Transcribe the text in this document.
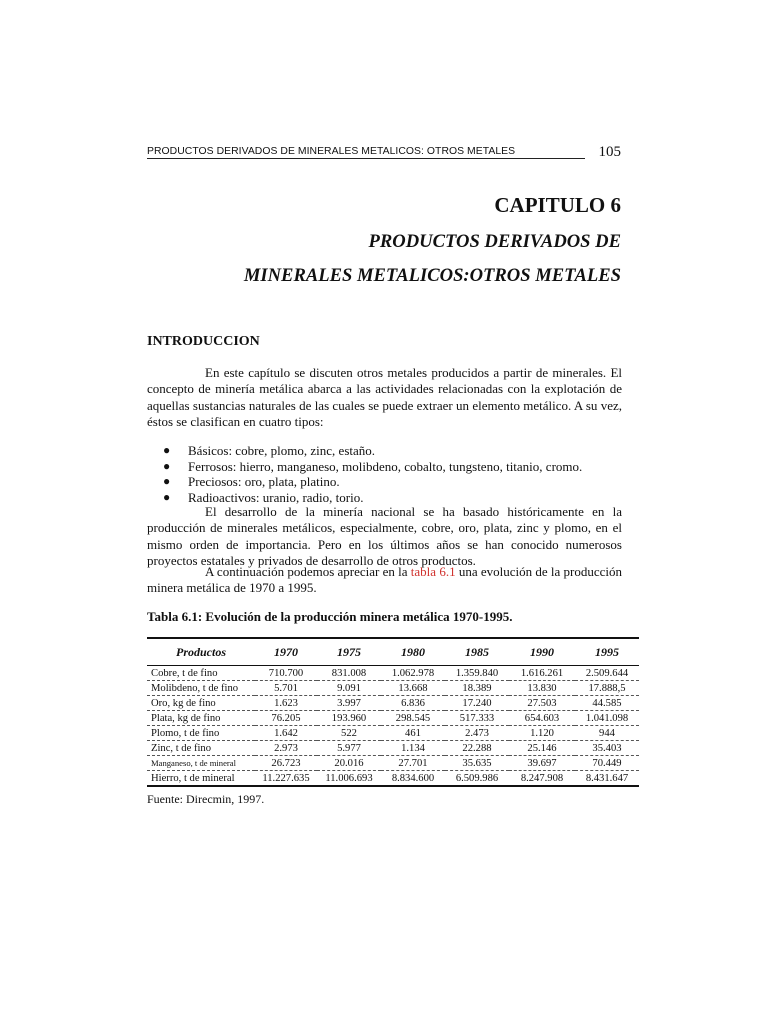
PRODUCTOS DERIVADOS DE MINERALES METALICOS: OTROS METALES	105
CAPITULO 6
PRODUCTOS DERIVADOS DE
MINERALES METALICOS:OTROS METALES
INTRODUCCION
En este capítulo se discuten otros metales producidos a partir de minerales. El concepto de minería metálica abarca a las actividades relacionadas con la explotación de aquellas sustancias naturales de las cuales se puede extraer un elemento metálico. A su vez, éstos se clasifican en cuatro tipos:
● Básicos: cobre, plomo, zinc, estaño.
● Ferrosos: hierro, manganeso, molibdeno, cobalto, tungsteno, titanio, cromo.
● Preciosos: oro, plata, platino.
● Radioactivos: uranio, radio, torio.
El desarrollo de la minería nacional se ha basado históricamente en la producción de minerales metálicos, especialmente, cobre, oro, plata, zinc y plomo, en el mismo orden de importancia. Pero en los últimos años se han conocido numerosos proyectos estatales y privados de desarrollo de otros productos.
A continuación podemos apreciar en la tabla 6.1 una evolución de la producción minera metálica de 1970 a 1995.
Tabla 6.1: Evolución de la producción minera metálica 1970-1995.
Productos	1970	1975	1980	1985	1990	1995
Cobre, t de fino	710.700	831.008	1.062.978	1.359.840	1.616.261	2.509.644
Molibdeno, t de fino	5.701	9.091	13.668	18.389	13.830	17.888,5
Oro, kg de fino	1.623	3.997	6.836	17.240	27.503	44.585
Plata, kg de fino	76.205	193.960	298.545	517.333	654.603	1.041.098
Plomo, t de fino	1.642	522	461	2.473	1.120	944
Zinc, t de fino	2.973	5.977	1.134	22.288	25.146	35.403
Manganeso, t de mineral	26.723	20.016	27.701	35.635	39.697	70.449
Hierro, t de mineral	11.227.635	11.006.693	8.834.600	6.509.986	8.247.908	8.431.647
Fuente: Direcmin, 1997.
